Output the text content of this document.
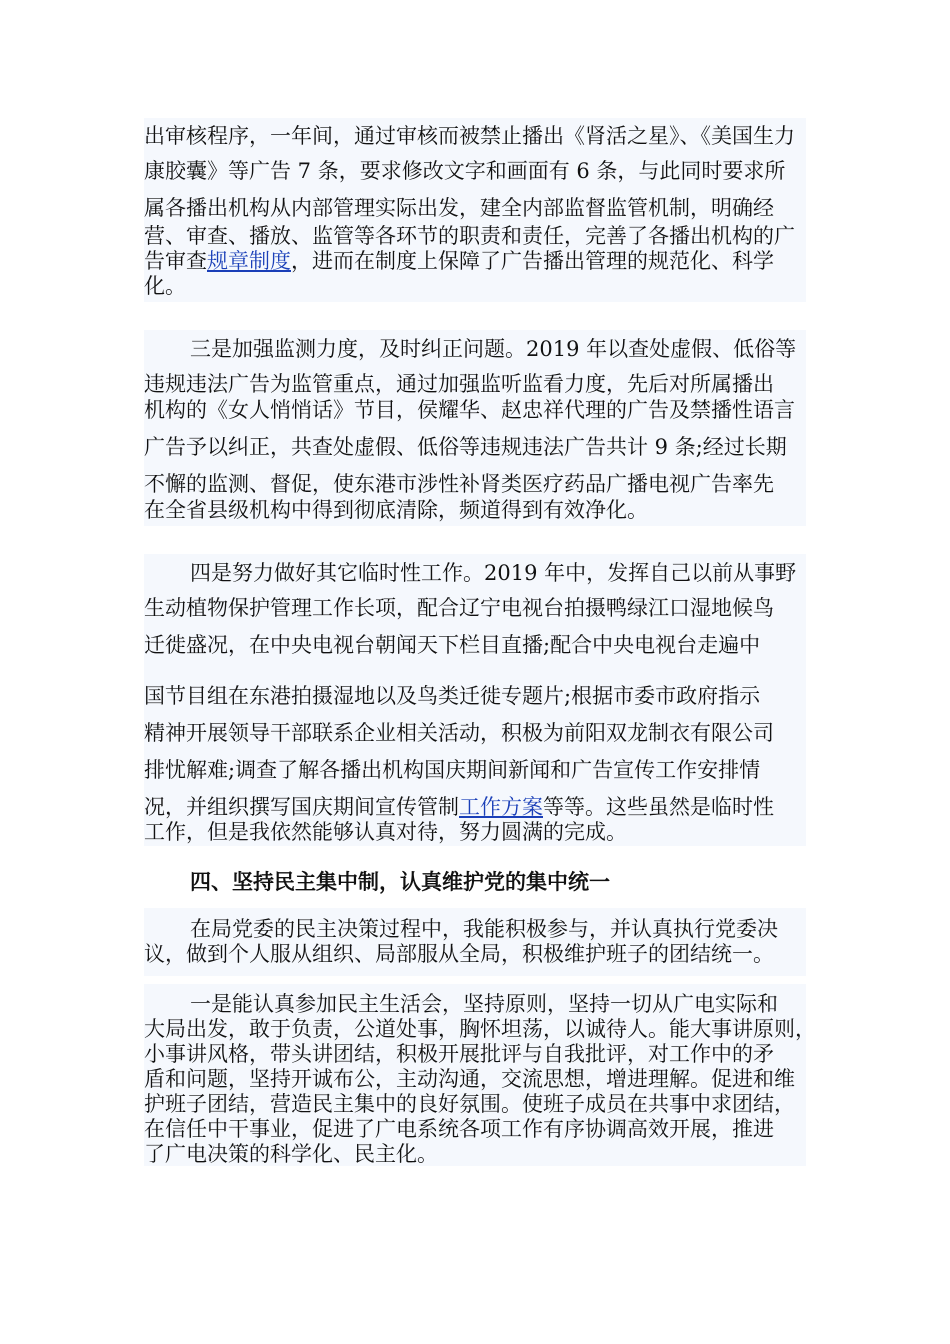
出审核程序，一年间，通过审核而被禁止播出《肾活之星》、《美国生力
康胶囊》等广告 7 条，要求修改文字和画面有 6 条，与此同时要求所
属各播出机构从内部管理实际出发，建全内部监督监管机制，明确经
营、审查、播放、监管等各环节的职责和责任，完善了各播出机构的广
告审查规章制度，进而在制度上保障了广告播出管理的规范化、科学
化。
三是加强监测力度，及时纠正问题。2019 年以查处虚假、低俗等
违规违法广告为监管重点，通过加强监听监看力度，先后对所属播出
机构的《女人悄悄话》节目，侯耀华、赵忠祥代理的广告及禁播性语言
广告予以纠正，共查处虚假、低俗等违规违法广告共计 9 条;经过长期
不懈的监测、督促，使东港市涉性补肾类医疗药品广播电视广告率先
在全省县级机构中得到彻底清除，频道得到有效净化。
四是努力做好其它临时性工作。2019 年中，发挥自己以前从事野
生动植物保护管理工作长项，配合辽宁电视台拍摄鸭绿江口湿地候鸟
迁徙盛况，在中央电视台朝闻天下栏目直播;配合中央电视台走遍中
国节目组在东港拍摄湿地以及鸟类迁徙专题片;根据市委市政府指示
精神开展领导干部联系企业相关活动，积极为前阳双龙制衣有限公司
排忧解难;调查了解各播出机构国庆期间新闻和广告宣传工作安排情
况，并组织撰写国庆期间宣传管制工作方案等等。这些虽然是临时性
工作，但是我依然能够认真对待，努力圆满的完成。
四、坚持民主集中制，认真维护党的集中统一
在局党委的民主决策过程中，我能积极参与，并认真执行党委决
议，做到个人服从组织、局部服从全局，积极维护班子的团结统一。
一是能认真参加民主生活会，坚持原则，坚持一切从广电实际和
大局出发，敢于负责，公道处事，胸怀坦荡，以诚待人。能大事讲原则，
小事讲风格，带头讲团结，积极开展批评与自我批评，对工作中的矛
盾和问题，坚持开诚布公，主动沟通，交流思想，增进理解。促进和维
护班子团结，营造民主集中的良好氛围。使班子成员在共事中求团结，
在信任中干事业，促进了广电系统各项工作有序协调高效开展，推进
了广电决策的科学化、民主化。
